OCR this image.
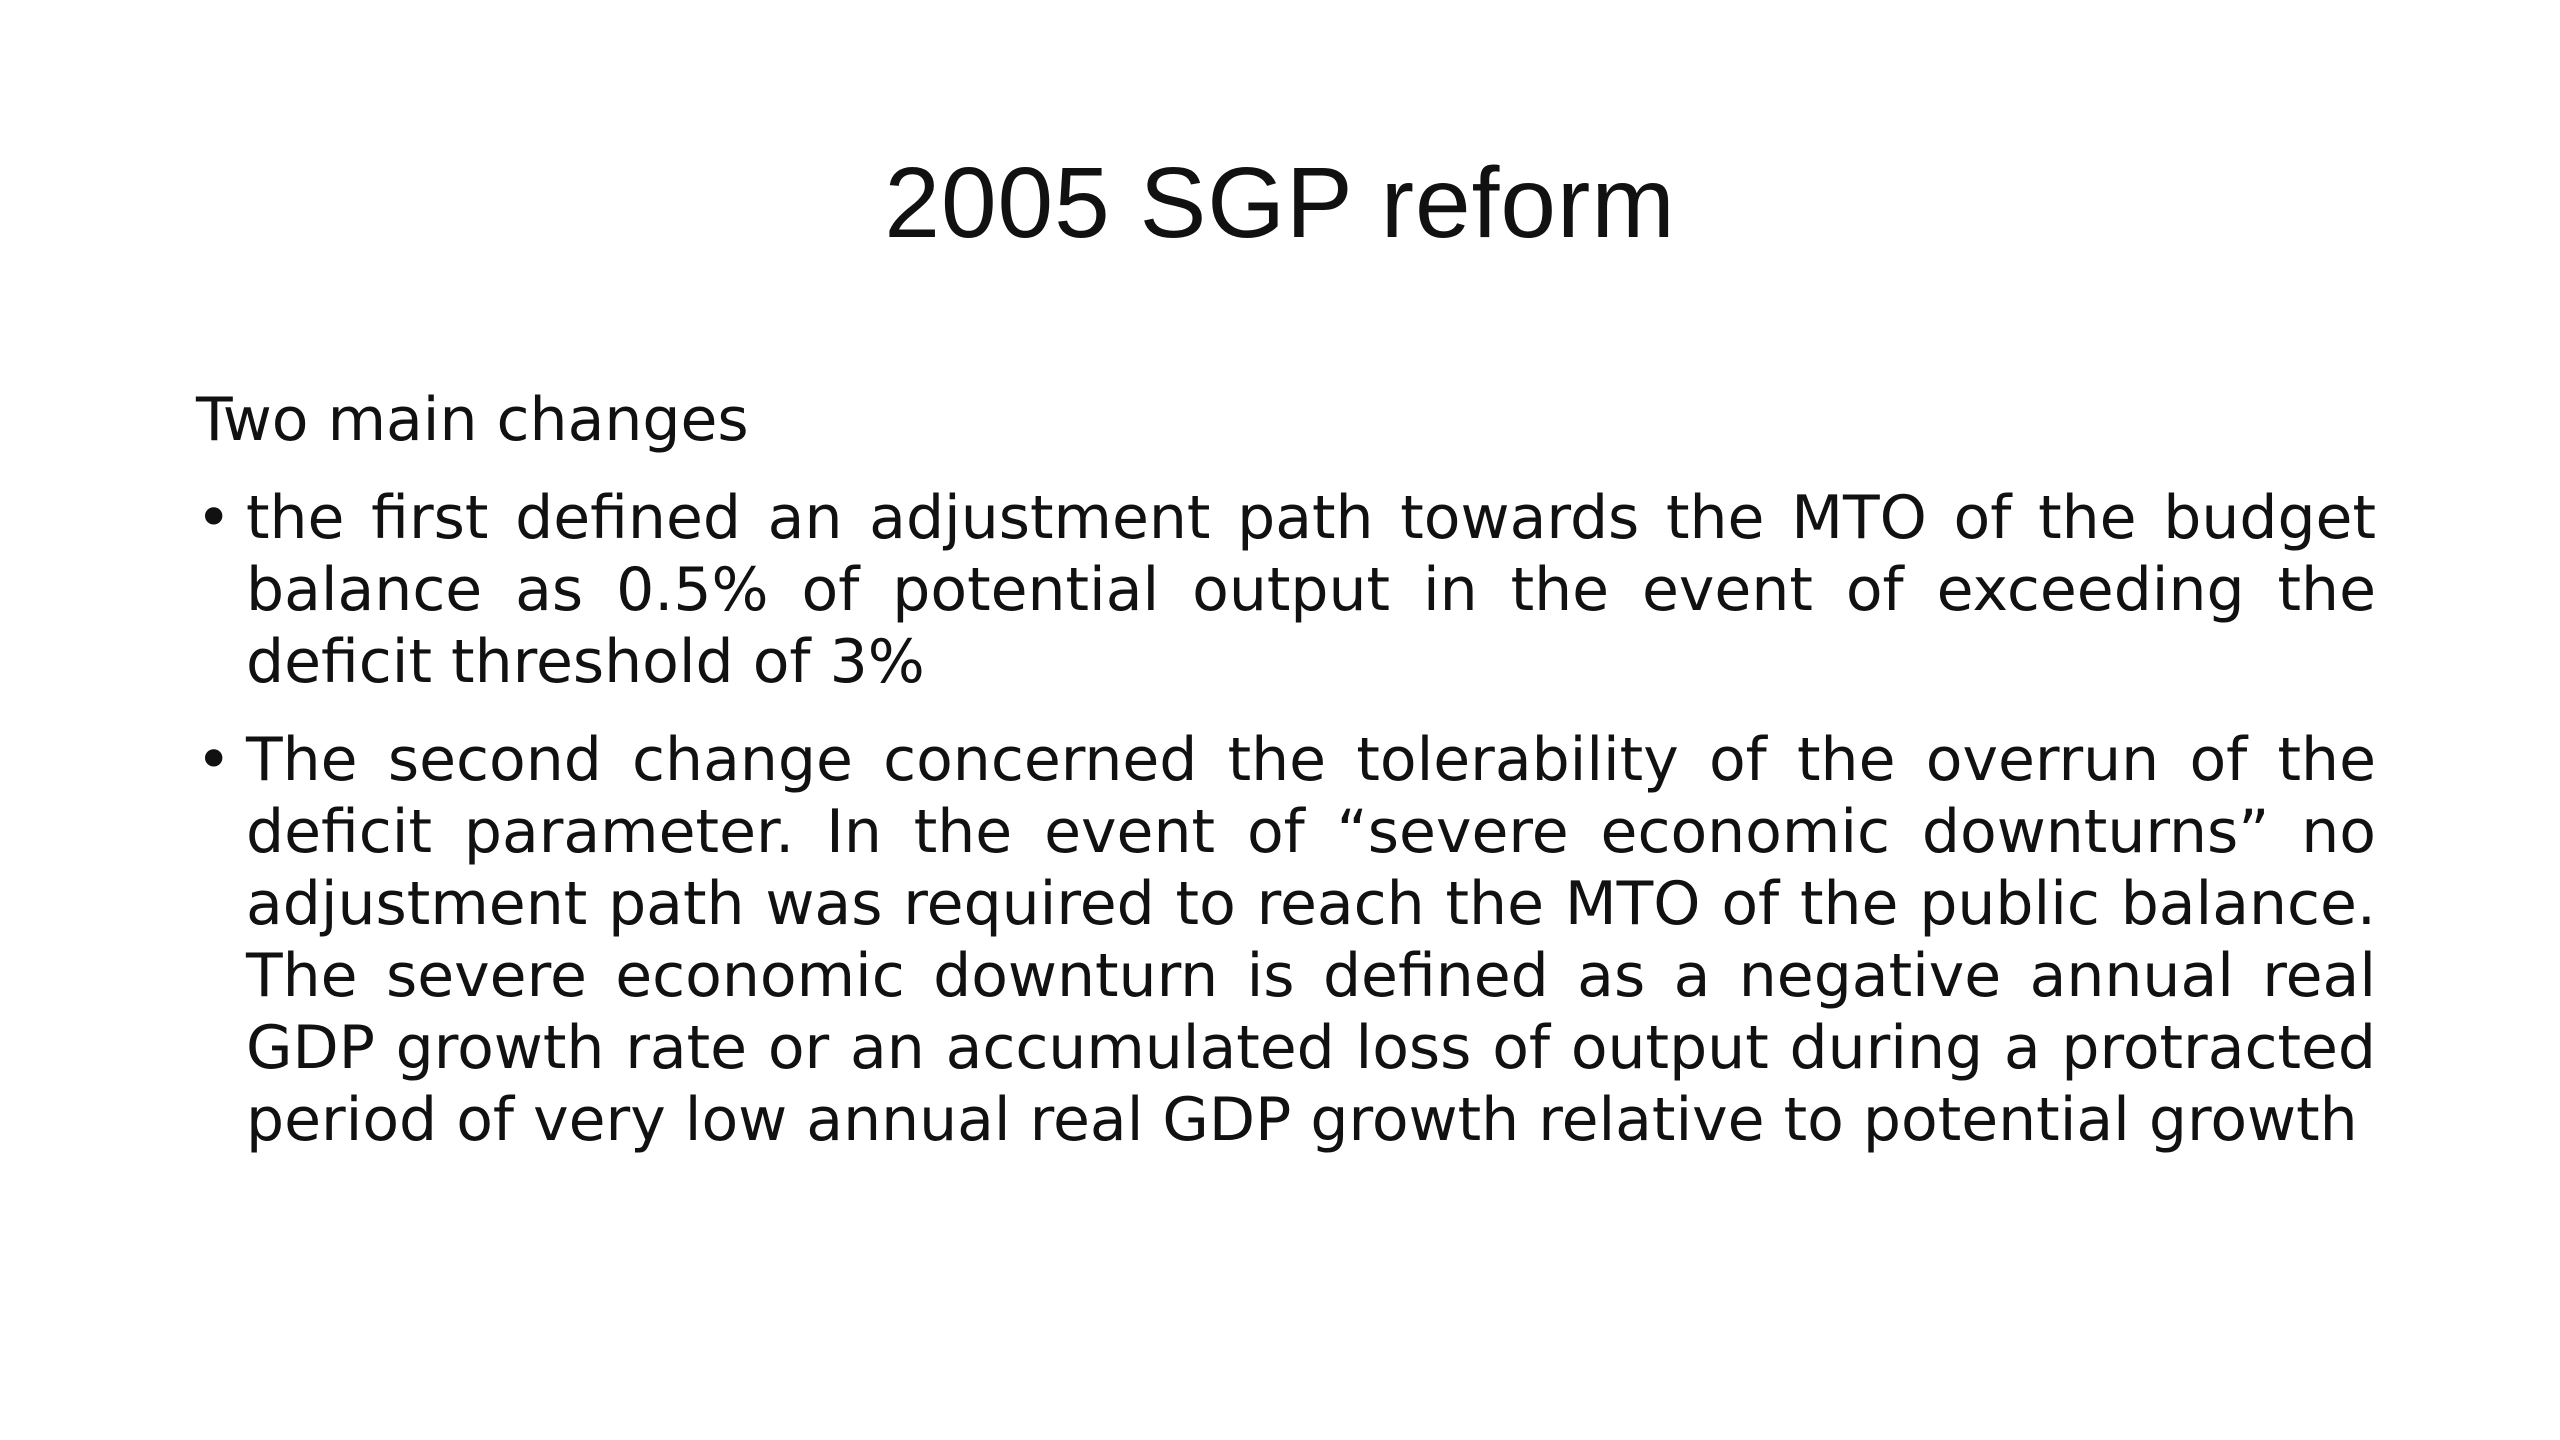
2005 SGP reform

Two main changes

• the first defined an adjustment path towards the MTO of the budget balance as 0.5% of potential output in the event of exceeding the deficit threshold of 3%
• The second change concerned the tolerability of the overrun of the deficit parameter. In the event of “severe economic downturns” no adjustment path was required to reach the MTO of the public balance. The severe economic downturn is defined as a negative annual real GDP growth rate or an accumulated loss of output during a protracted period of very low annual real GDP growth relative to potential growth
